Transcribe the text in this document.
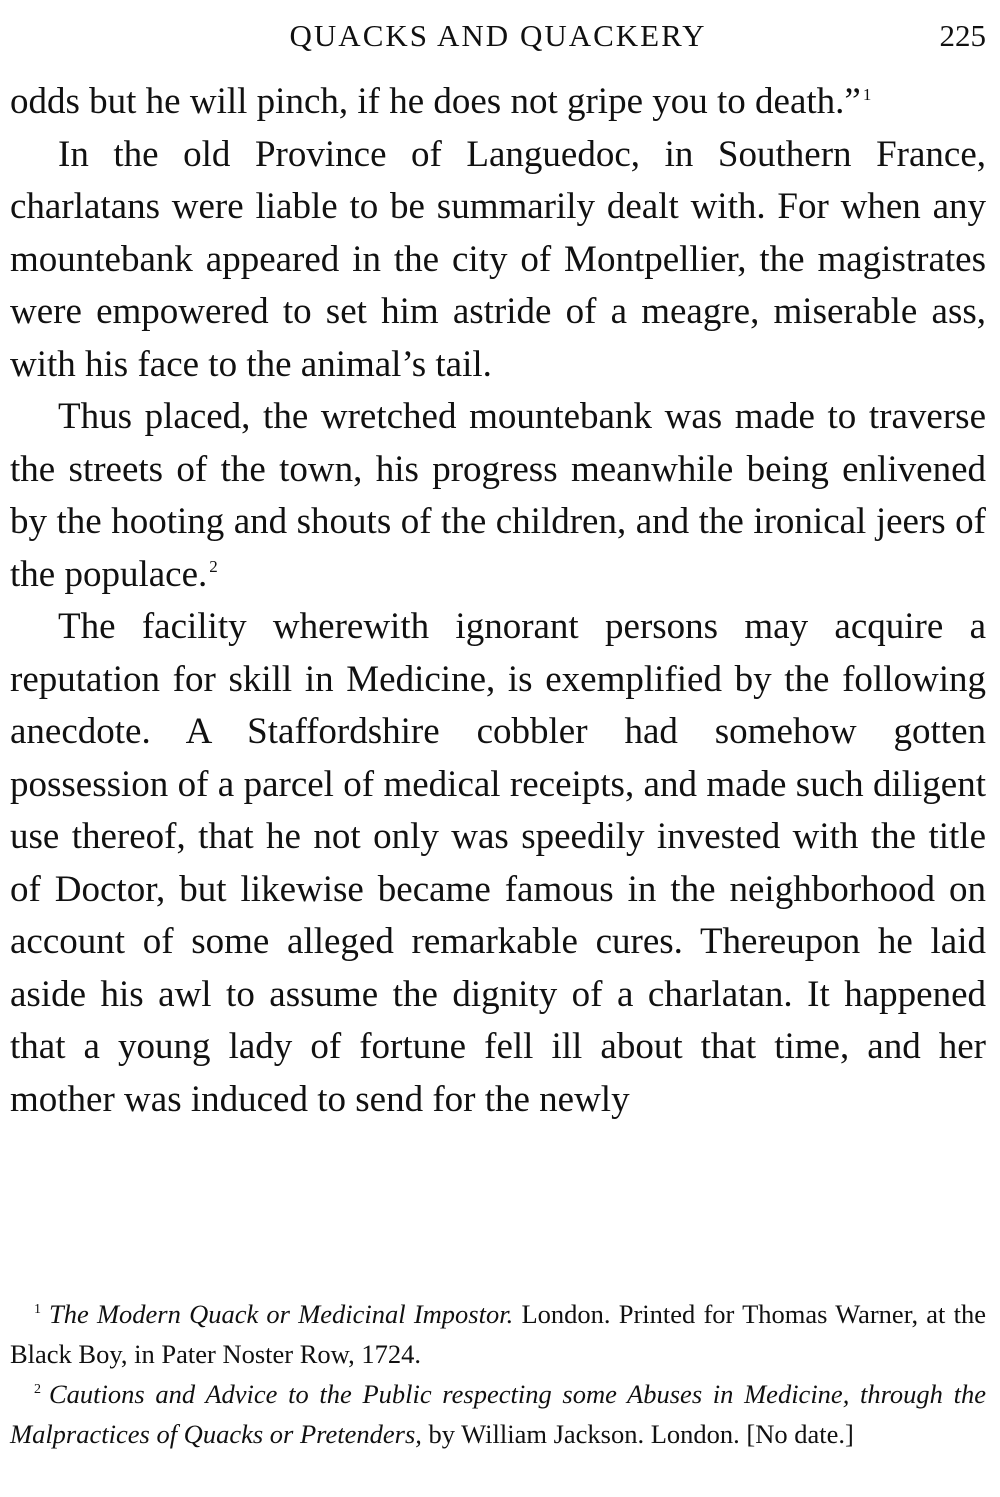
QUACKS AND QUACKERY	225

odds but he will pinch, if he does not gripe you to death.” $^1$

In the old Province of Languedoc, in Southern France, charlatans were liable to be summarily dealt with. For when any mountebank appeared in the city of Montpellier, the magistrates were empowered to set him astride of a meagre, miserable ass, with his face to the animal’s tail.

Thus placed, the wretched mountebank was made to traverse the streets of the town, his progress meanwhile being enlivened by the hooting and shouts of the children, and the ironical jeers of the populace. $^2$

The facility wherewith ignorant persons may acquire a reputation for skill in Medicine, is exemplified by the following anecdote. A Staffordshire cobbler had somehow gotten possession of a parcel of medical receipts, and made such diligent use thereof, that he not only was speedily invested with the title of Doctor, but likewise became famous in the neighborhood on account of some alleged remarkable cures. Thereupon he laid aside his awl to assume the dignity of a charlatan. It happened that a young lady of fortune fell ill about that time, and her mother was induced to send for the newly

$^1$ The Modern Quack or Medicinal Impostor. London. Printed for Thomas Warner, at the Black Boy, in Pater Noster Row, 1724.

$^2$ Cautions and Advice to the Public respecting some Abuses in Medicine, through the Malpractices of Quacks or Pretenders, by William Jackson. London. [No date.]
